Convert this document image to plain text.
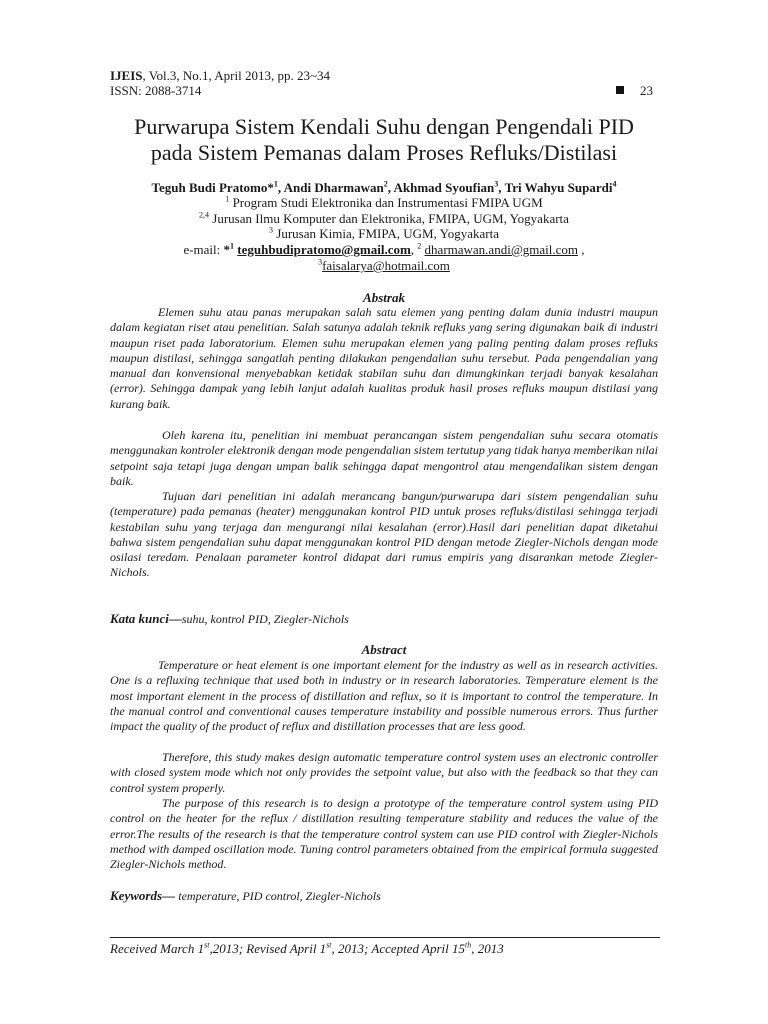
IJEIS, Vol.3, No.1, April 2013, pp. 23~34
ISSN: 2088-3714	23
Purwarupa Sistem Kendali Suhu dengan Pengendali PID
pada Sistem Pemanas dalam Proses Refluks/Distilasi
Teguh Budi Pratomo*$^1$, Andi Dharmawan$^2$, Akhmad Syoufian$^3$, Tri Wahyu Supardi$^4$
$^1$ Program Studi Elektronika dan Instrumentasi FMIPA UGM
$^{2,4}$ Jurusan Ilmu Komputer dan Elektronika, FMIPA, UGM, Yogyakarta
$^3$ Jurusan Kimia, FMIPA, UGM, Yogyakarta
e-mail: *$^1$ teguhbudipratomo@gmail.com, $^2$ dharmawan.andi@gmail.com ,
$^3$faisalarya@hotmail.com
Abstrak
Elemen suhu atau panas merupakan salah satu elemen yang penting dalam dunia industri maupun dalam kegiatan riset atau penelitian. Salah satunya adalah teknik refluks yang sering digunakan baik di industri maupun riset pada laboratorium. Elemen suhu merupakan elemen yang paling penting dalam proses refluks maupun distilasi, sehingga sangatlah penting dilakukan pengendalian suhu tersebut. Pada pengendalian yang manual dan konvensional menyebabkan ketidak stabilan suhu dan dimungkinkan terjadi banyak kesalahan (error). Sehingga dampak yang lebih lanjut adalah kualitas produk hasil proses refluks maupun distilasi yang kurang baik.
Oleh karena itu, penelitian ini membuat perancangan sistem pengendalian suhu secara otomatis menggunakan kontroler elektronik dengan mode pengendalian sistem tertutup yang tidak hanya memberikan nilai setpoint saja tetapi juga dengan umpan balik sehingga dapat mengontrol atau mengendalikan sistem dengan baik.
Tujuan dari penelitian ini adalah merancang bangun/purwarupa dari sistem pengendalian suhu (temperature) pada pemanas (heater) menggunakan kontrol PID untuk proses refluks/distilasi sehingga terjadi kestabilan suhu yang terjaga dan mengurangi nilai kesalahan (error).Hasil dari penelitian dapat diketahui bahwa sistem pengendalian suhu dapat menggunakan kontrol PID dengan metode Ziegler-Nichols dengan mode osilasi teredam. Penalaan parameter kontrol didapat dari rumus empiris yang disarankan metode Ziegler-Nichols.
Kata kunci—suhu, kontrol PID, Ziegler-Nichols
Abstract
Temperature or heat element is one important element for the industry as well as in research activities. One is a refluxing technique that used both in industry or in research laboratories. Temperature element is the most important element in the process of distillation and reflux, so it is important to control the temperature. In the manual control and conventional causes temperature instability and possible numerous errors. Thus further impact the quality of the product of reflux and distillation processes that are less good.
Therefore, this study makes design automatic temperature control system uses an electronic controller with closed system mode which not only provides the setpoint value, but also with the feedback so that they can control system properly.
The purpose of this research is to design a prototype of the temperature control system using PID control on the heater for the reflux / distillation resulting temperature stability and reduces the value of the error.The results of the research is that the temperature control system can use PID control with Ziegler-Nichols method with damped oscillation mode. Tuning control parameters obtained from the empirical formula suggested Ziegler-Nichols method.
Keywords— temperature, PID control, Ziegler-Nichols
Received March 1st,2013; Revised April 1st, 2013; Accepted April 15th, 2013
